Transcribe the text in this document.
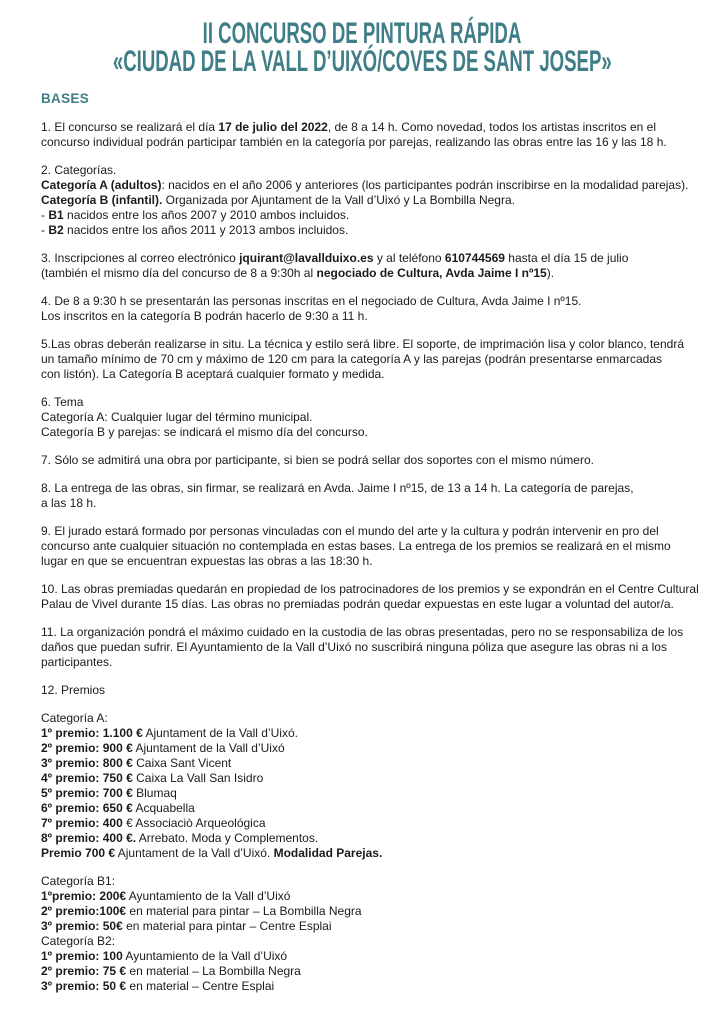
II CONCURSO DE PINTURA RÁPIDA
«CIUDAD DE LA VALL D’UIXÓ/COVES DE SANT JOSEP»
BASES
1. El concurso se realizará el día 17 de julio del 2022, de 8 a 14 h. Como novedad, todos los artistas inscritos en el
concurso individual podrán participar también en la categoría por parejas, realizando las obras entre las 16 y las 18 h.
2. Categorías.
Categoría A (adultos): nacidos en el año 2006 y anteriores (los participantes podrán inscribirse en la modalidad parejas).
Categoría B (infantil). Organizada por Ajuntament de la Vall d’Uixó y La Bombilla Negra.
- B1 nacidos entre los años 2007 y 2010 ambos incluidos.
- B2 nacidos entre los años 2011 y 2013 ambos incluidos.
3. Inscripciones al correo electrónico jquirant@lavallduixo.es y al teléfono 610744569 hasta el día 15 de julio
(también el mismo día del concurso de 8 a 9:30h al negociado de Cultura, Avda Jaime I nº15).
4. De 8 a 9:30 h se presentarán las personas inscritas en el negociado de Cultura, Avda Jaime I nº15.
Los inscritos en la categoría B podrán hacerlo de 9:30 a 11 h.
5.Las obras deberán realizarse in situ. La técnica y estilo será libre. El soporte, de imprimación lisa y color blanco, tendrá
un tamaño mínimo de 70 cm y máximo de 120 cm para la categoría A y las parejas (podrán presentarse enmarcadas
con listón). La Categoría B aceptará cualquier formato y medida.
6. Tema
Categoría A: Cualquier lugar del término municipal.
Categoría B y parejas: se indicará el mismo día del concurso.
7. Sólo se admitirá una obra por participante, si bien se podrá sellar dos soportes con el mismo número.
8. La entrega de las obras, sin firmar, se realizará en Avda. Jaime I nº15, de 13 a 14 h. La categoría de parejas,
a las 18 h.
9. El jurado estará formado por personas vinculadas con el mundo del arte y la cultura y podrán intervenir en pro del
concurso ante cualquier situación no contemplada en estas bases. La entrega de los premios se realizará en el mismo
lugar en que se encuentran expuestas las obras a las 18:30 h.
10. Las obras premiadas quedarán en propiedad de los patrocinadores de los premios y se expondrán en el Centre Cultural
Palau de Vivel durante 15 días. Las obras no premiadas podrán quedar expuestas en este lugar a voluntad del autor/a.
11. La organización pondrá el máximo cuidado en la custodia de las obras presentadas, pero no se responsabiliza de los
daños que puedan sufrir. El Ayuntamiento de la Vall d’Uixó no suscribirá ninguna póliza que asegure las obras ni a los
participantes.
12. Premios
Categoría A:
1º premio: 1.100 € Ajuntament de la Vall d’Uixó.
2º premio: 900 € Ajuntament de la Vall d’Uixó
3º premio: 800 € Caixa Sant Vicent
4º premio: 750 € Caixa La Vall San Isidro
5º premio: 700 € Blumaq
6º premio: 650 € Acquabella
7º premio: 400 € Associaciò Arqueológica
8º premio: 400 €. Arrebato. Moda y Complementos.
Premio 700 € Ajuntament de la Vall d’Uixó. Modalidad Parejas.
Categoría B1:
1ºpremio: 200€ Ayuntamiento de la Vall d’Uixó
2º premio:100€ en material para pintar – La Bombilla Negra
3º premio: 50€ en material para pintar – Centre Esplai
Categoría B2:
1º premio: 100 Ayuntamiento de la Vall d’Uixó
2º premio: 75 € en material – La Bombilla Negra
3º premio: 50 € en material – Centre Esplai
